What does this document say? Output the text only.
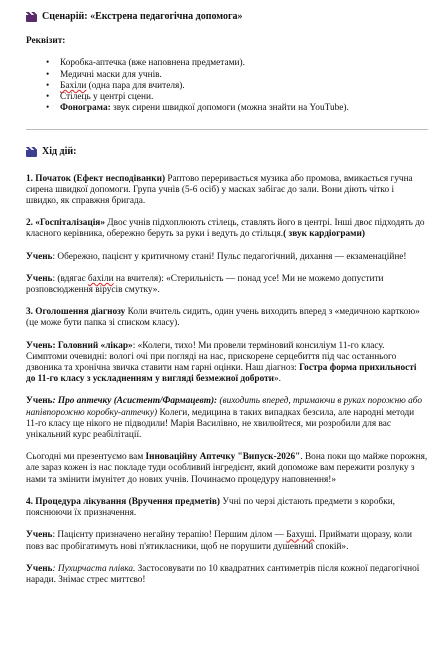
Сценарій: «Екстрена педагогічна допомога»
Реквізит:
• Коробка-аптечка (вже наповнена предметами).
• Медичні маски для учнів.
• Бахіли (одна пара для вчителя).
• Стілець у центрі сцени.
• Фонограма: звук сирени швидкої допомоги (можна знайти на YouTube).
Хід дій:

1. Початок (Ефект несподіванки) Раптово переривається музика або промова, вмикається гучна сирена швидкої допомоги. Група учнів (5-6 осіб) у масках забігає до зали. Вони діють чітко і швидко, як справжня бригада.

2. «Госпіталізація» Двоє учнів підхоплюють стілець, ставлять його в центрі. Інші двоє підходять до класного керівника, обережно беруть за руки і ведуть до стільця.( звук кардіограми)

Учень: Обережно, пацієнт у критичному стані! Пульс педагогічний, дихання — екзаменаційне!

Учень: (вдягає бахіли на вчителя): «Стерильність — понад усе! Ми не можемо допустити розповсюдження вірусів смутку».

3. Оголошення діагнозу Коли вчитель сидить, один учень виходить вперед з «медичною карткою» (це може бути папка зі списком класу).

Учень: Головний «лікар»: «Колеги, тихо! Ми провели терміновий консиліум 11-го класу. Симптоми очевидні: вологі очі при погляді на нас, прискорене серцебиття під час останнього дзвоника та хронічна звичка ставити нам гарні оцінки. Наш діагноз: Гостра форма прихильності до 11-го класу з ускладненням у вигляді безмежної доброти».

Учень: Про аптечку (Асистент/Фармацевт): (виходить вперед, тримаючи в руках порожню або напівпорожню коробку-аптечку) Колеги, медицина в таких випадках безсила, але народні методи 11-го класу ще нікого не підводили! Марія Василівно, не хвилюйтеся, ми розробили для вас унікальний курс реабілітації.

Сьогодні ми презентуємо вам Інноваційну Аптечку "Випуск-2026". Вона поки що майже порожня, але зараз кожен із нас покладе туди особливий інгредієнт, який допоможе вам пережити розлуку з нами та змінити імунітет до нових учнів. Починаємо процедуру наповнення!»

4. Процедура лікування (Вручення предметів) Учні по черзі дістають предмети з коробки, пояснюючи їх призначення.

Учень: Пацієнту призначено негайну терапію! Першим ділом — Бахуші. Приймати щоразу, коли повз вас пробігатимуть нові п'ятикласники, щоб не порушити душевний спокій».

Учень: Пухирчаста плівка. Застосовувати по 10 квадратних сантиметрів після кожної педагогічної наради. Знімає стрес миттєво!
